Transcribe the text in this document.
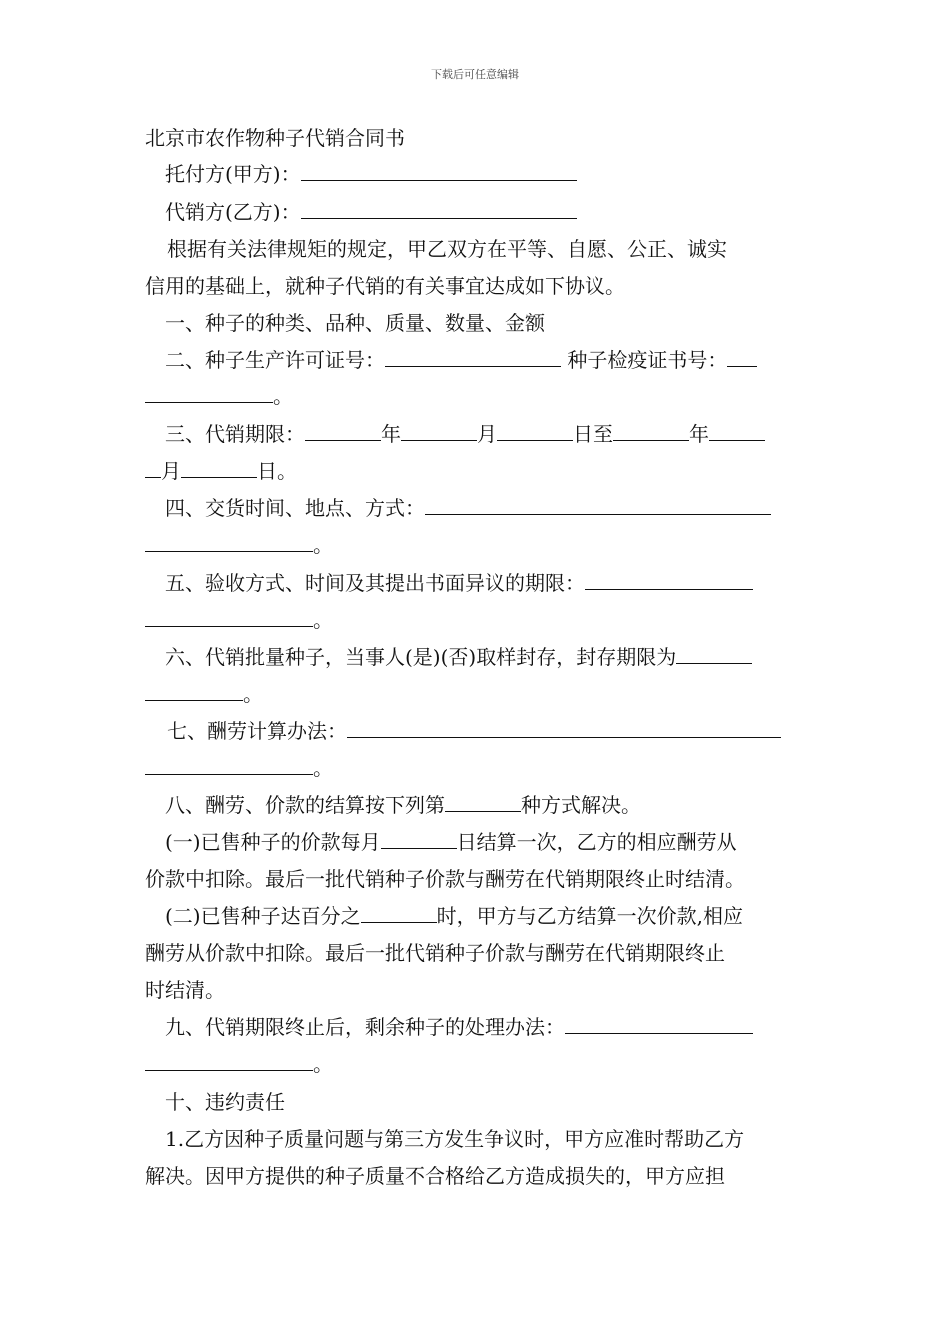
下载后可任意编辑
北京市农作物种子代销合同书
托付方(甲方)：
代销方(乙方)：
根据有关法律规矩的规定，甲乙双方在平等、自愿、公正、诚实
信用的基础上，就种子代销的有关事宜达成如下协议。
一、种子的种类、品种、质量、数量、金额
二、种子生产许可证号：	种子检疫证书号：
。
三、代销期限：	年	月	日至	年
月	日。
四、交货时间、地点、方式：
。
五、验收方式、时间及其提出书面异议的期限：
。
六、代销批量种子，当事人(是)(否)取样封存，封存期限为
。
七、酬劳计算办法：
。
八、酬劳、价款的结算按下列第	种方式解决。
(一)已售种子的价款每月	日结算一次，乙方的相应酬劳从
价款中扣除。最后一批代销种子价款与酬劳在代销期限终止时结清。
(二)已售种子达百分之	时，甲方与乙方结算一次价款,相应
酬劳从价款中扣除。最后一批代销种子价款与酬劳在代销期限终止
时结清。
九、代销期限终止后，剩余种子的处理办法：
。
十、违约责任
1.乙方因种子质量问题与第三方发生争议时，甲方应准时帮助乙方
解决。因甲方提供的种子质量不合格给乙方造成损失的，甲方应担
